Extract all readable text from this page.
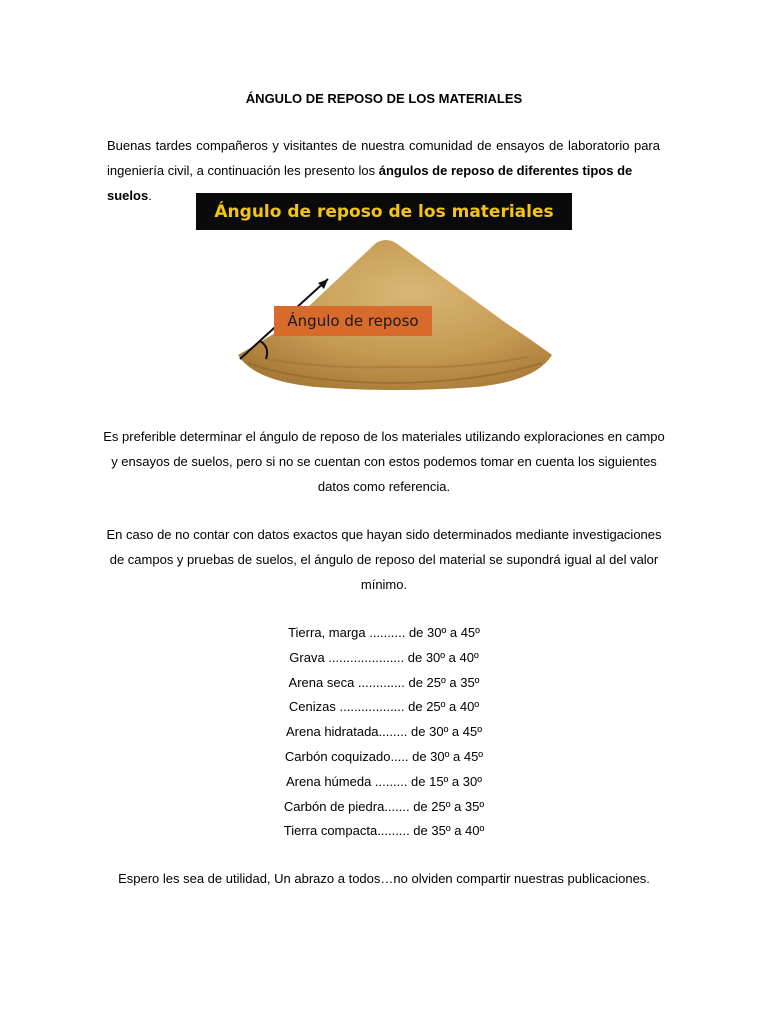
ÁNGULO DE REPOSO DE LOS MATERIALES
Buenas tardes compañeros y visitantes de nuestra comunidad de ensayos de laboratorio para
ingeniería civil, a continuación les presento los ángulos de reposo de diferentes tipos de suelos.
Ángulo de reposo de los materiales
Ángulo de reposo
Es preferible determinar el ángulo de reposo de los materiales utilizando exploraciones en campo y ensayos de suelos, pero si no se cuentan con estos podemos tomar en cuenta los siguientes datos como referencia.
En caso de no contar con datos exactos que hayan sido determinados mediante investigaciones de campos y pruebas de suelos, el ángulo de reposo del material se supondrá igual al del valor mínimo.
Tierra, marga .......... de 30º a 45º
Grava ..................... de 30º a 40º
Arena seca ............. de 25º a 35º
Cenizas .................. de 25º a 40º
Arena hidratada........ de 30º a 45º
Carbón coquizado..... de 30º a 45º
Arena húmeda ......... de 15º a 30º
Carbón de piedra....... de 25º a 35º
Tierra compacta......... de 35º a 40º
Espero les sea de utilidad, Un abrazo a todos…no olviden compartir nuestras publicaciones.
